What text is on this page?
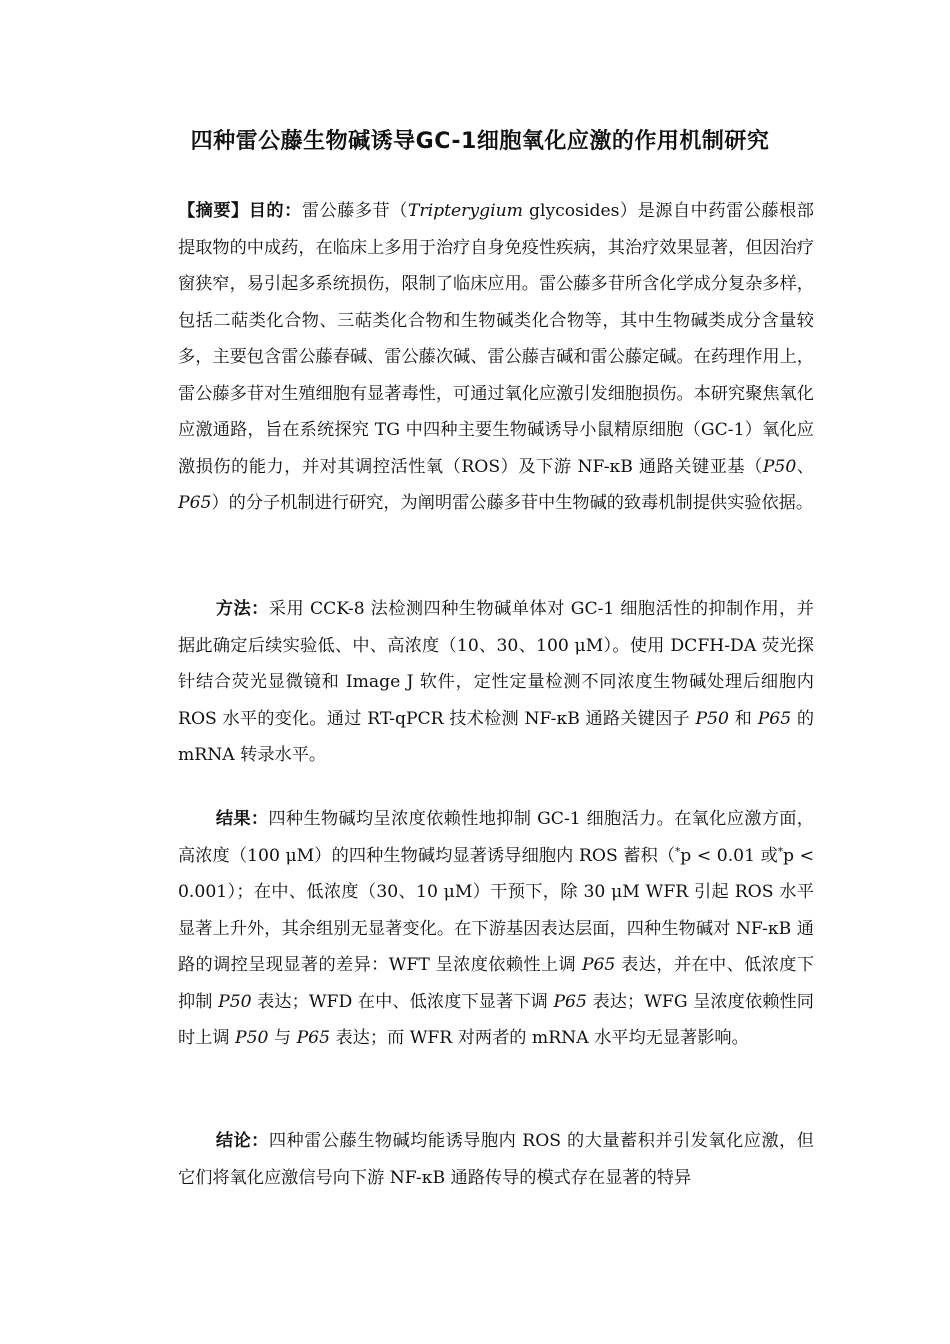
四种雷公藤生物碱诱导GC-1细胞氧化应激的作用机制研究

【摘要】目的：雷公藤多苷（Tripterygium glycosides）是源自中药雷公藤根部提取物的中成药，在临床上多用于治疗自身免疫性疾病，其治疗效果显著，但因治疗窗狭窄，易引起多系统损伤，限制了临床应用。雷公藤多苷所含化学成分复杂多样，包括二萜类化合物、三萜类化合物和生物碱类化合物等，其中生物碱类成分含量较多，主要包含雷公藤春碱、雷公藤次碱、雷公藤吉碱和雷公藤定碱。在药理作用上，雷公藤多苷对生殖细胞有显著毒性，可通过氧化应激引发细胞损伤。本研究聚焦氧化应激通路，旨在系统探究 TG 中四种主要生物碱诱导小鼠精原细胞（GC-1）氧化应激损伤的能力，并对其调控活性氧（ROS）及下游 NF-κB 通路关键亚基（P50、P65）的分子机制进行研究，为阐明雷公藤多苷中生物碱的致毒机制提供实验依据。

方法：采用 CCK-8 法检测四种生物碱单体对 GC-1 细胞活性的抑制作用，并据此确定后续实验低、中、高浓度（10、30、100 μM）。使用 DCFH-DA 荧光探针结合荧光显微镜和 Image J 软件，定性定量检测不同浓度生物碱处理后细胞内 ROS 水平的变化。通过 RT-qPCR 技术检测 NF-κB 通路关键因子 P50 和 P65 的 mRNA 转录水平。

结果：四种生物碱均呈浓度依赖性地抑制 GC-1 细胞活力。在氧化应激方面，高浓度（100 μM）的四种生物碱均显著诱导细胞内 ROS 蓄积（*p < 0.01 或*p < 0.001）；在中、低浓度（30、10 μM）干预下，除 30 μM WFR 引起 ROS 水平显著上升外，其余组别无显著变化。在下游基因表达层面，四种生物碱对 NF-κB 通路的调控呈现显著的差异：WFT 呈浓度依赖性上调 P65 表达，并在中、低浓度下抑制 P50 表达；WFD 在中、低浓度下显著下调 P65 表达；WFG 呈浓度依赖性同时上调 P50 与 P65 表达；而 WFR 对两者的 mRNA 水平均无显著影响。

结论：四种雷公藤生物碱均能诱导胞内 ROS 的大量蓄积并引发氧化应激，但它们将氧化应激信号向下游 NF-κB 通路传导的模式存在显著的特异
